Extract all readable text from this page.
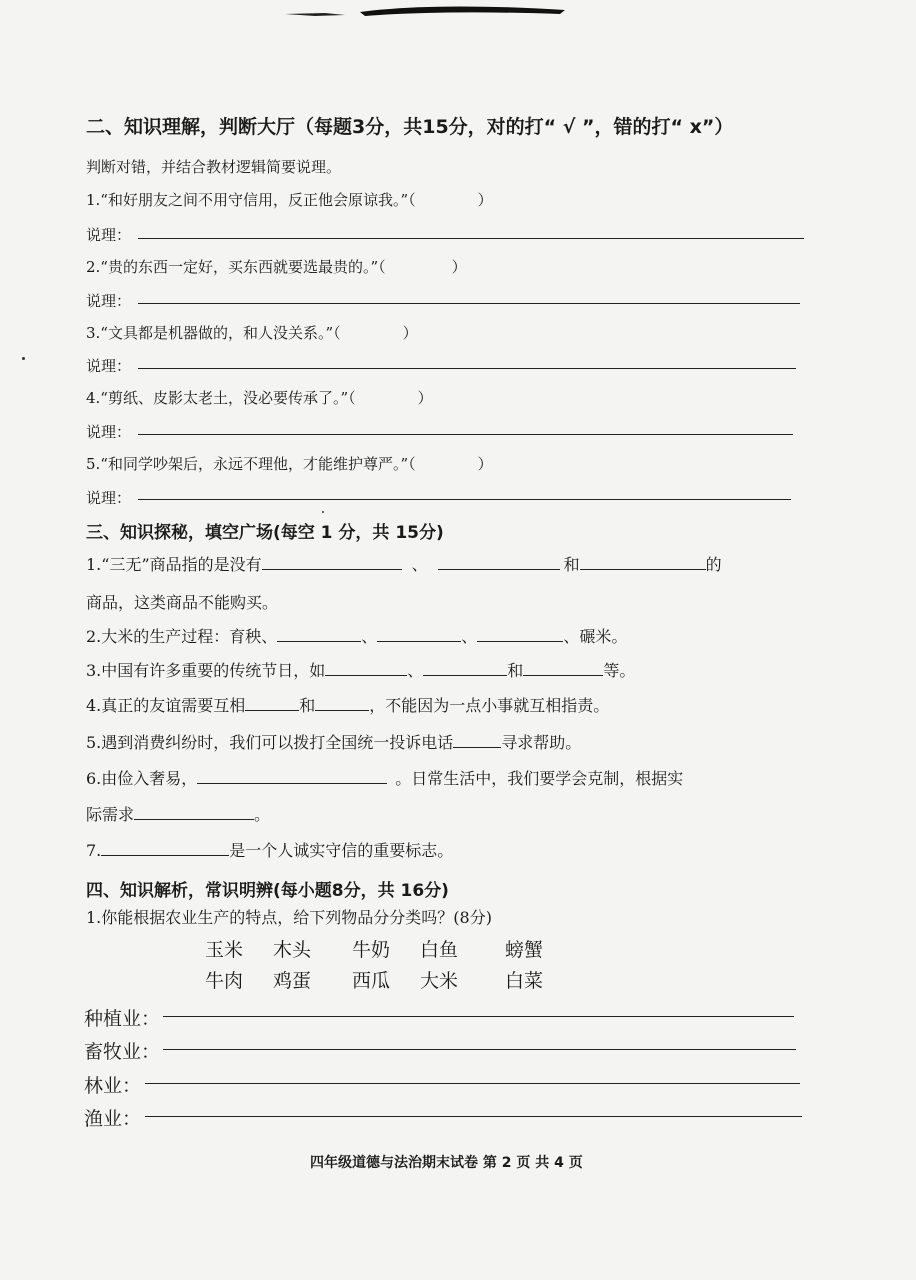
二、知识理解，判断大厅（每题3分，共15分，对的打“ √ ”，错的打“ x”）
判断对错，并结合教材逻辑简要说理。
1.“和好朋友之间不用守信用，反正他会原谅我。”（	）
说理：
2.“贵的东西一定好，买东西就要选最贵的。”（	）
说理：
3.“文具都是机器做的，和人没关系。”（	）
说理：
4.“剪纸、皮影太老土，没必要传承了。”（	）
说理：
5.“和同学吵架后，永远不理他，才能维护尊严。”（	）
说理：
三、知识探秘，填空广场(每空 1 分，共 15分)
1.“三无”商品指的是没有	、	和	的
商品，这类商品不能购买。
2.大米的生产过程：育秧、	、	、	、碾米。
3.中国有许多重要的传统节日，如	、	和	等。
4.真正的友谊需要互相	和	，不能因为一点小事就互相指责。
5.遇到消费纠纷时，我们可以拨打全国统一投诉电话	寻求帮助。
6.由俭入奢易，	。日常生活中，我们要学会克制，根据实
际需求	。
7.	是一个人诚实守信的重要标志。
四、知识解析，常识明辨(每小题8分，共 16分)
1.你能根据农业生产的特点，给下列物品分分类吗？(8分)
玉米 木头 牛奶 白鱼 螃蟹
牛肉 鸡蛋 西瓜 大米 白菜
种植业：
畜牧业：
林业：
渔业：
四年级道德与法治期末试卷 第 2 页 共 4 页
